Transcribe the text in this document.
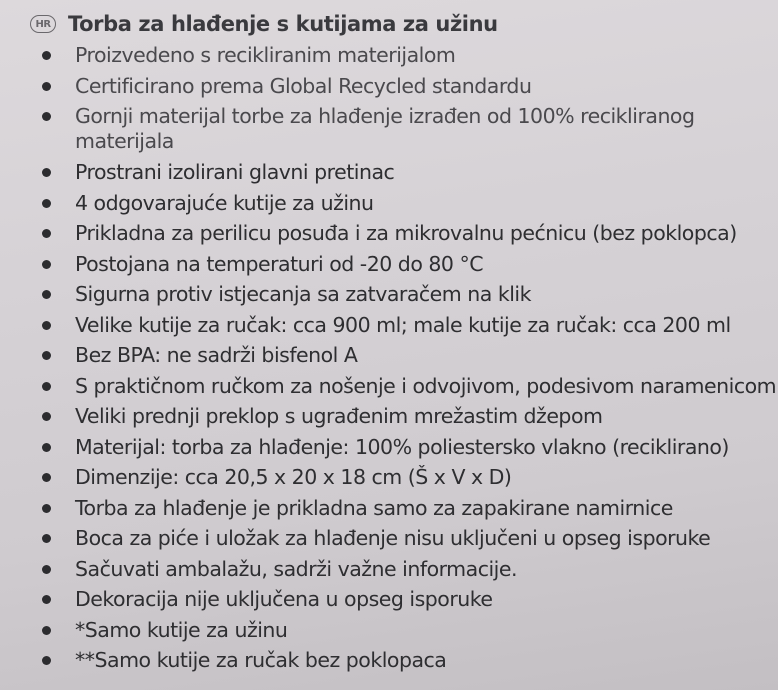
HR Torba za hlađenje s kutijama za užinu
Proizvedeno s recikliranim materijalom
Certificirano prema Global Recycled standardu
Gornji materijal torbe za hlađenje izrađen od 100% recikliranog materijala
Prostrani izolirani glavni pretinac
4 odgovarajuće kutije za užinu
Prikladna za perilicu posuđa i za mikrovalnu pećnicu (bez poklopca)
Postojana na temperaturi od -20 do 80 °C
Sigurna protiv istjecanja sa zatvaračem na klik
Velike kutije za ručak: cca 900 ml; male kutije za ručak: cca 200 ml
Bez BPA: ne sadrži bisfenol A
S praktičnom ručkom za nošenje i odvojivom, podesivom naramenicom
Veliki prednji preklop s ugrađenim mrežastim džepom
Materijal: torba za hlađenje: 100% poliestersko vlakno (reciklirano)
Dimenzije: cca 20,5 x 20 x 18 cm (Š x V x D)
Torba za hlađenje je prikladna samo za zapakirane namirnice
Boca za piće i uložak za hlađenje nisu uključeni u opseg isporuke
Sačuvati ambalažu, sadrži važne informacije.
Dekoracija nije uključena u opseg isporuke
*Samo kutije za užinu
**Samo kutije za ručak bez poklopaca
